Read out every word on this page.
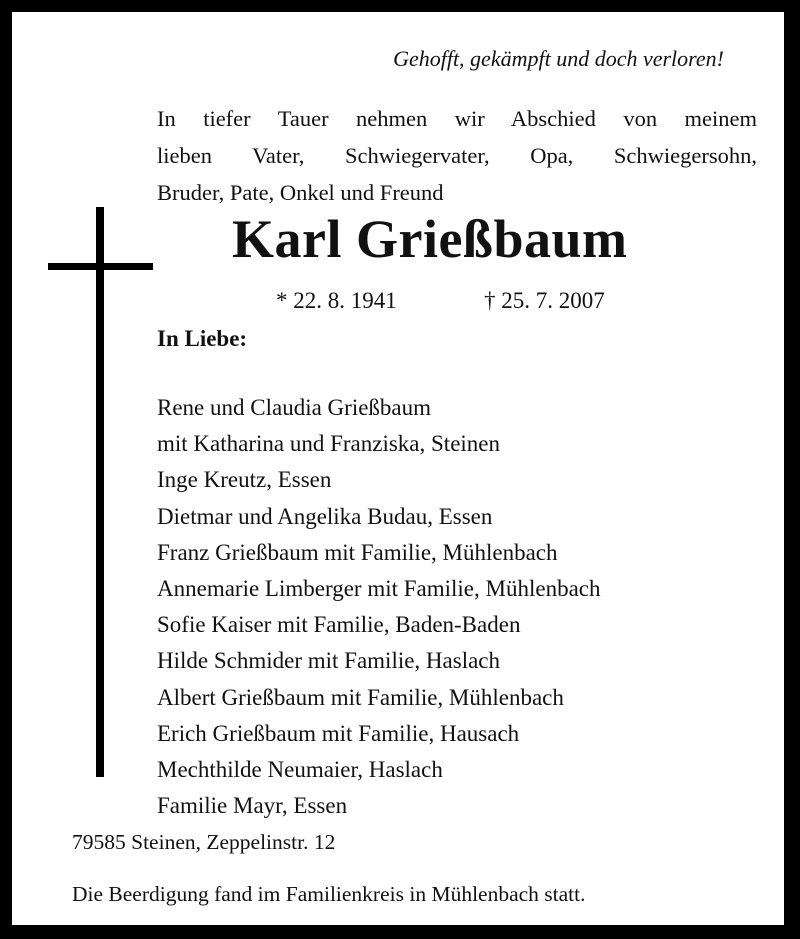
Gehofft, gekämpft und doch verloren!
In tiefer Tauer nehmen wir Abschied von meinem
lieben Vater, Schwiegervater, Opa, Schwiegersohn,
Bruder, Pate, Onkel und Freund
Karl Grießbaum
* 22. 8. 1941	† 25. 7. 2007
In Liebe:
Rene und Claudia Grießbaum
mit Katharina und Franziska, Steinen
Inge Kreutz, Essen
Dietmar und Angelika Budau, Essen
Franz Grießbaum mit Familie, Mühlenbach
Annemarie Limberger mit Familie, Mühlenbach
Sofie Kaiser mit Familie, Baden-Baden
Hilde Schmider mit Familie, Haslach
Albert Grießbaum mit Familie, Mühlenbach
Erich Grießbaum mit Familie, Hausach
Mechthilde Neumaier, Haslach
Familie Mayr, Essen
79585 Steinen, Zeppelinstr. 12
Die Beerdigung fand im Familienkreis in Mühlenbach statt.
